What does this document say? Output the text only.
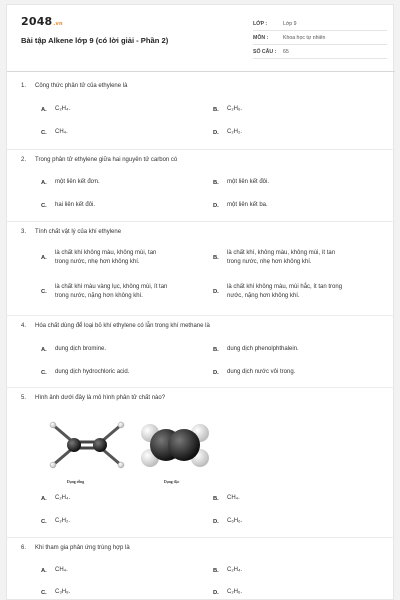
2048.vn
Bài tập Alkene lớp 9 (có lời giải - Phần 2)
LỚP :	Lớp 9
MÔN :	Khoa học tự nhiên
SỐ CÂU :	65
1. Công thức phân tử của ethylene là
A.	C₂H₄.	B.	C₂H₆.
C.	CH₄.	D.	C₂H₂.
2. Trong phân tử ethylene giữa hai nguyên tử carbon có
A.	một liên kết đơn.	B.	một liên kết đôi.
C.	hai liên kết đôi.	D.	một liên kết ba.
3. Tính chất vật lý của khí ethylene
A.
là chất khí không màu, không mùi, tan
trong nước, nhẹ hơn không khí.
B.
là chất khí, không màu, không mùi, ít tan
trong nước, nhẹ hơn không khí.
C.
là chất khí màu vàng lục, không mùi, ít tan
trong nước, nặng hơn không khí.
D.
là chất khí không màu, mùi hắc, ít tan trong
nước, nặng hơn không khí.
4. Hóa chất dùng để loại bỏ khí ethylene có lẫn trong khí methane là
A.	dung dịch bromine.	B.	dung dịch phenolphthalein.
C.	dung dịch hydrochloric acid.	D.	dung dịch nước vôi trong.
5. Hình ảnh dưới đây là mô hình phân tử chất nào?
Dạng rỗng	Dạng đặc
A.	C₂H₄.	B.	CH₄.
C.	C₂H₂.	D.	C₆H₆.
6. Khi tham gia phản ứng trùng hợp là
A.	CH₄.	B.	C₂H₄.
C.	C₃H₈.	D.	C₂H₆.
